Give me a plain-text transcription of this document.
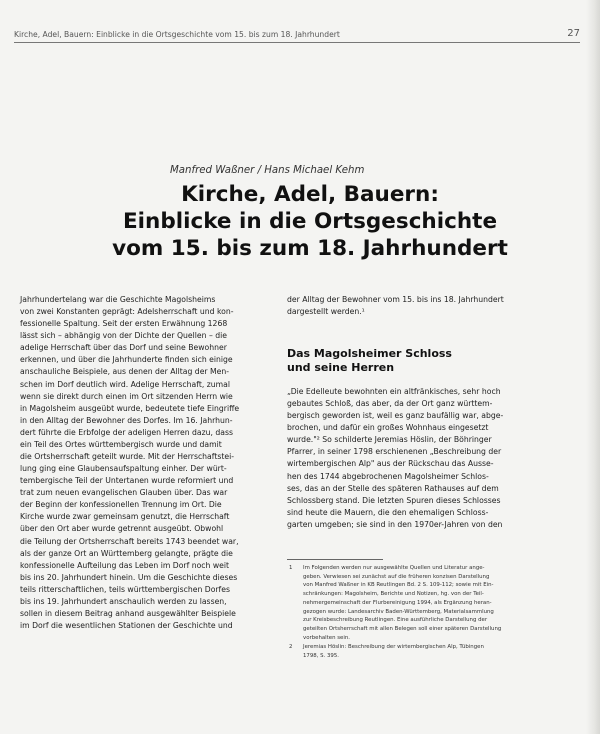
Kirche, Adel, Bauern: Einblicke in die Ortsgeschichte vom 15. bis zum 18. Jahrhundert	27
Manfred Waßner / Hans Michael Kehm
Kirche, Adel, Bauern:
Einblicke in die Ortsgeschichte
vom 15. bis zum 18. Jahrhundert
Jahrhundertelang war die Geschichte Magolsheims
von zwei Konstanten geprägt: Adelsherrschaft und kon-
fessionelle Spaltung. Seit der ersten Erwähnung 1268
lässt sich – abhängig von der Dichte der Quellen – die
adelige Herrschaft über das Dorf und seine Bewohner
erkennen, und über die Jahrhunderte finden sich einige
anschauliche Beispiele, aus denen der Alltag der Men-
schen im Dorf deutlich wird. Adelige Herrschaft, zumal
wenn sie direkt durch einen im Ort sitzenden Herrn wie
in Magolsheim ausgeübt wurde, bedeutete tiefe Eingriffe
in den Alltag der Bewohner des Dorfes. Im 16. Jahrhun-
dert führte die Erbfolge der adeligen Herren dazu, dass
ein Teil des Ortes württembergisch wurde und damit
die Ortsherrschaft geteilt wurde. Mit der Herrschaftstei-
lung ging eine Glaubensaufspaltung einher. Der würt-
tembergische Teil der Untertanen wurde reformiert und
trat zum neuen evangelischen Glauben über. Das war
der Beginn der konfessionellen Trennung im Ort. Die
Kirche wurde zwar gemeinsam genutzt, die Herrschaft
über den Ort aber wurde getrennt ausgeübt. Obwohl
die Teilung der Ortsherrschaft bereits 1743 beendet war,
als der ganze Ort an Württemberg gelangte, prägte die
konfessionelle Aufteilung das Leben im Dorf noch weit
bis ins 20. Jahrhundert hinein. Um die Geschichte dieses
teils ritterschaftlichen, teils württembergischen Dorfes
bis ins 19. Jahrhundert anschaulich werden zu lassen,
sollen in diesem Beitrag anhand ausgewählter Beispiele
im Dorf die wesentlichen Stationen der Geschichte und
der Alltag der Bewohner vom 15. bis ins 18. Jahrhundert
dargestellt werden.¹
Das Magolsheimer Schloss
und seine Herren
„Die Edelleute bewohnten ein altfränkisches, sehr hoch
gebautes Schloß, das aber, da der Ort ganz württem-
bergisch geworden ist, weil es ganz baufällig war, abge-
brochen, und dafür ein großes Wohnhaus eingesetzt
wurde."² So schilderte Jeremias Höslin, der Böhringer
Pfarrer, in seiner 1798 erschienenen „Beschreibung der
wirtembergischen Alp" aus der Rückschau das Ausse-
hen des 1744 abgebrochenen Magolsheimer Schlos-
ses, das an der Stelle des späteren Rathauses auf dem
Schlossberg stand. Die letzten Spuren dieses Schlosses
sind heute die Mauern, die den ehemaligen Schloss-
garten umgeben; sie sind in den 1970er-Jahren von den
1 Im Folgenden werden nur ausgewählte Quellen und Literatur ange-
geben. Verwiesen sei zunächst auf die früheren konzisen Darstellung
von Manfred Waßner in KB Reutlingen Bd. 2 S. 109-112; sowie mit Ein-
schränkungen: Magolsheim, Berichte und Notizen, hg. von der Teil-
nehmergemeinschaft der Flurbereinigung 1994, als Ergänzung heran-
gezogen wurde: Landesarchiv Baden-Württemberg, Materialsammlung
zur Kreisbeschreibung Reutlingen. Eine ausführliche Darstellung der
geteilten Ortsherrschaft mit allen Belegen soll einer späteren Darstellung
vorbehalten sein.
2 Jeremias Höslin: Beschreibung der wirtembergischen Alp, Tübingen
1798, S. 395.
